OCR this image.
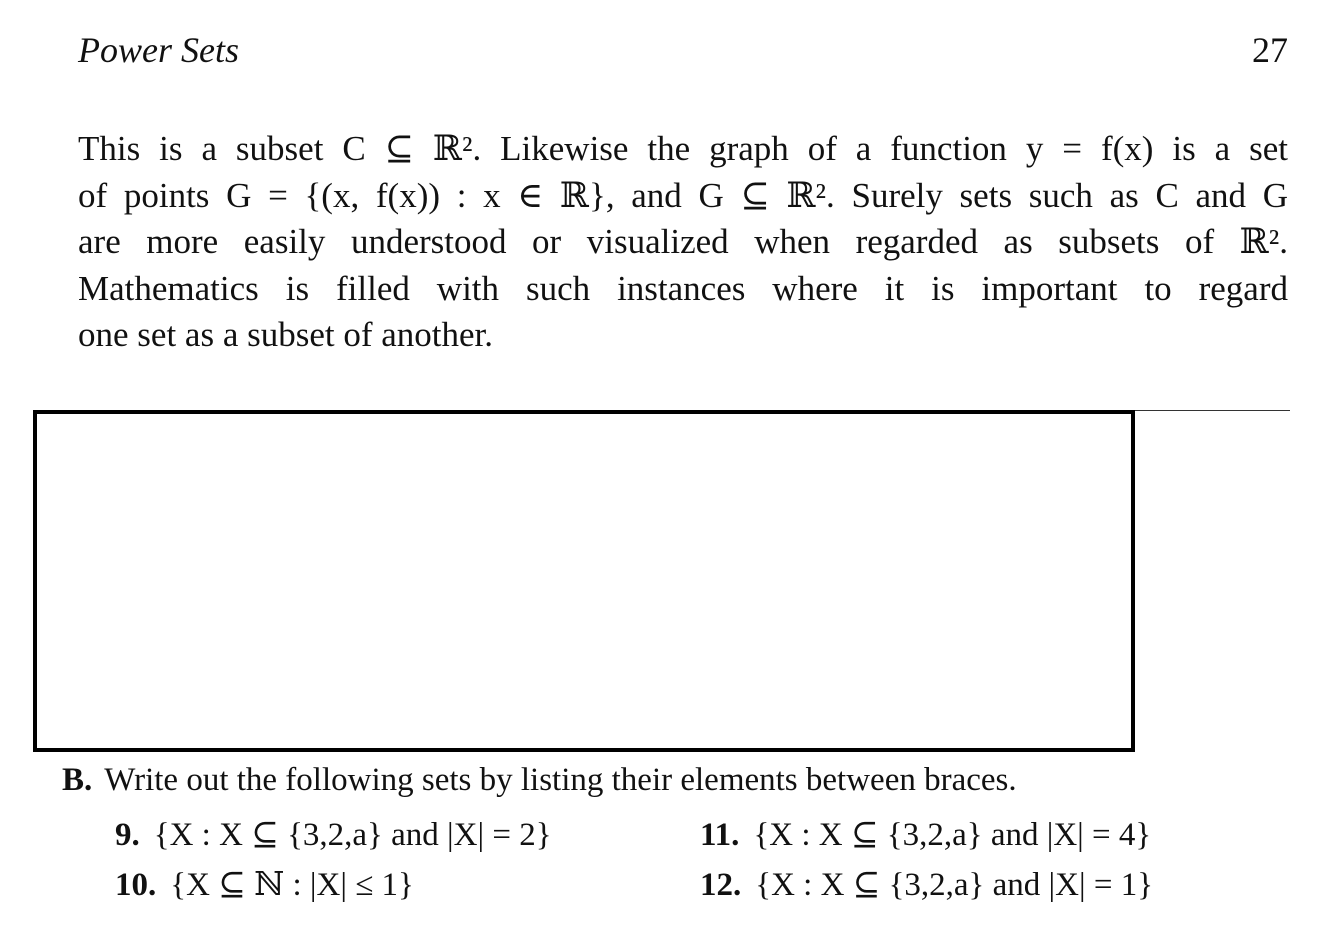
Power Sets	27
This is a subset C ⊆ ℝ². Likewise the graph of a function y = f(x) is a set
of points G = {(x, f(x)) : x ∈ ℝ}, and G ⊆ ℝ². Surely sets such as C and G
are more easily understood or visualized when regarded as subsets of ℝ².
Mathematics is filled with such instances where it is important to regard
one set as a subset of another.
B. Write out the following sets by listing their elements between braces.
9. {X : X ⊆ {3,2,a} and |X| = 2}
10. {X ⊆ ℕ : |X| ≤ 1}
11. {X : X ⊆ {3,2,a} and |X| = 4}
12. {X : X ⊆ {3,2,a} and |X| = 1}
